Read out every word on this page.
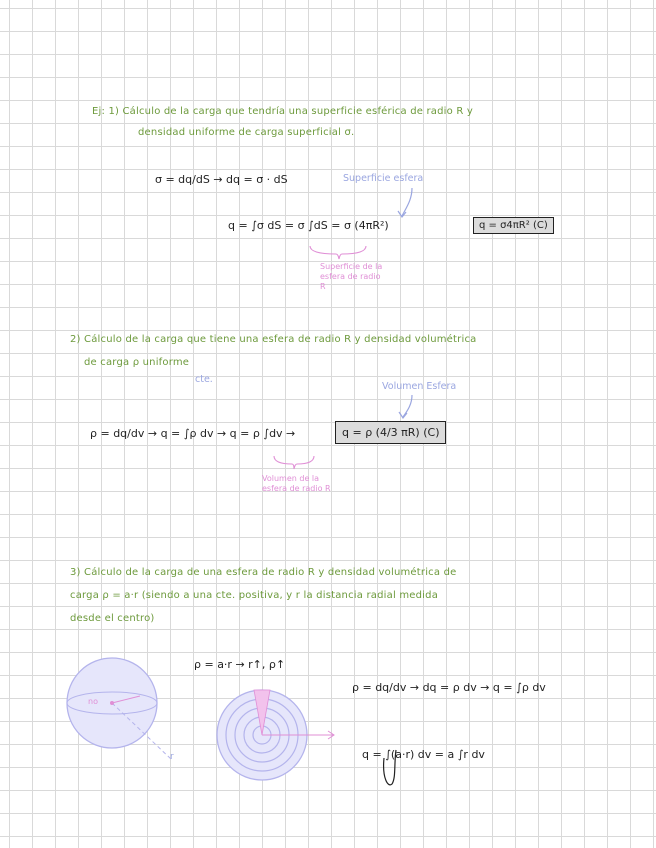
Ej: 1) Cálculo de la carga que tendría una superficie esférica de radio R y
densidad uniforme de carga superficial σ.
σ = dq/dS → dq = σ · dS	Superficie esfera
q = ∫σ dS = σ ∫dS = σ (4πR²)	q = σ4πR² (C)
Superficie de la esfera de radio R
2) Cálculo de la carga que tiene una esfera de radio R y densidad volumétrica
de carga ρ uniforme
cte.
Volumen Esfera
ρ = dq/dv → q = ∫ρ dv → q = ρ ∫dv →	q = ρ (4/3 πR) (C)
Volumen de la esfera de radio R
3) Cálculo de la carga de una esfera de radio R y densidad volumétrica de
carga ρ = a·r (siendo a una cte. positiva, y r la distancia radial medida
desde el centro)
ρ = a·r → r↑, ρ↑
r
no
ρ = dq/dv → dq = ρ dv → q = ∫ρ dv
q = ∫(a·r) dv = a ∫r dv
